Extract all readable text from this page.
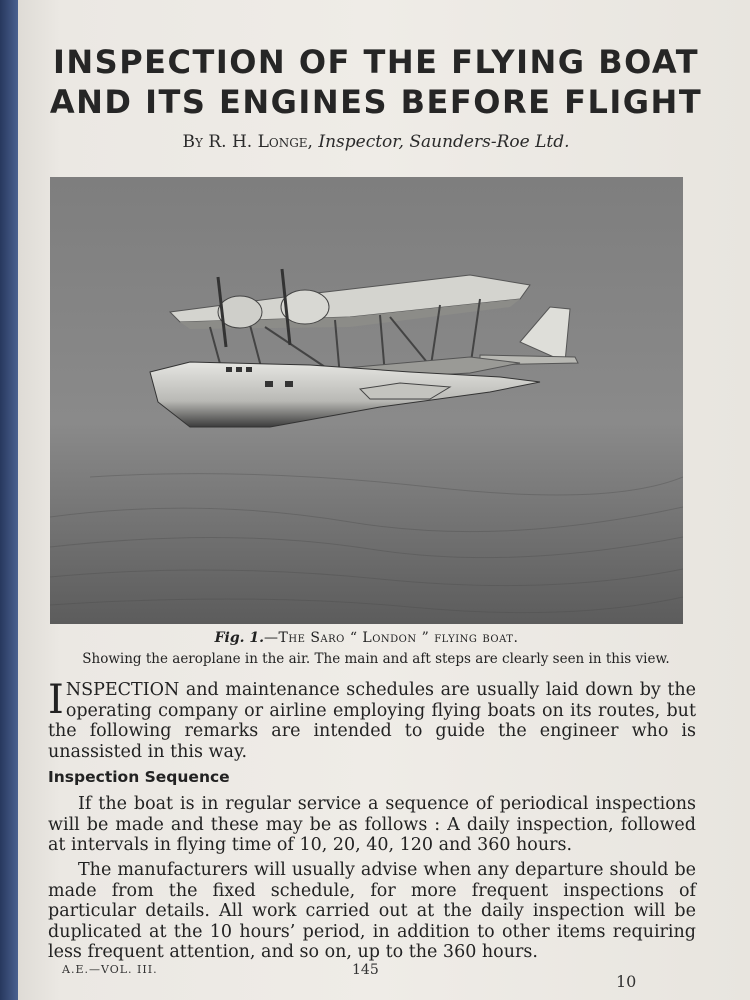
INSPECTION OF THE FLYING BOAT
AND ITS ENGINES BEFORE FLIGHT
By R. H. Longe, Inspector, Saunders-Roe Ltd.
Fig. 1.—The Saro “ London ” flying boat.
Showing the aeroplane in the air. The main and aft steps are clearly seen in this view.
INSPECTION and maintenance schedules are usually laid down by the operating company or airline employing flying boats on its routes, but the following remarks are intended to guide the engineer who is unassisted in this way.
Inspection Sequence
If the boat is in regular service a sequence of periodical inspections will be made and these may be as follows : A daily inspection, followed at intervals in flying time of 10, 20, 40, 120 and 360 hours.
The manufacturers will usually advise when any departure should be made from the fixed schedule, for more frequent inspections of particular details. All work carried out at the daily inspection will be duplicated at the 10 hours’ period, in addition to other items requiring less frequent attention, and so on, up to the 360 hours.
A.E.—VOL. III.	145
10
